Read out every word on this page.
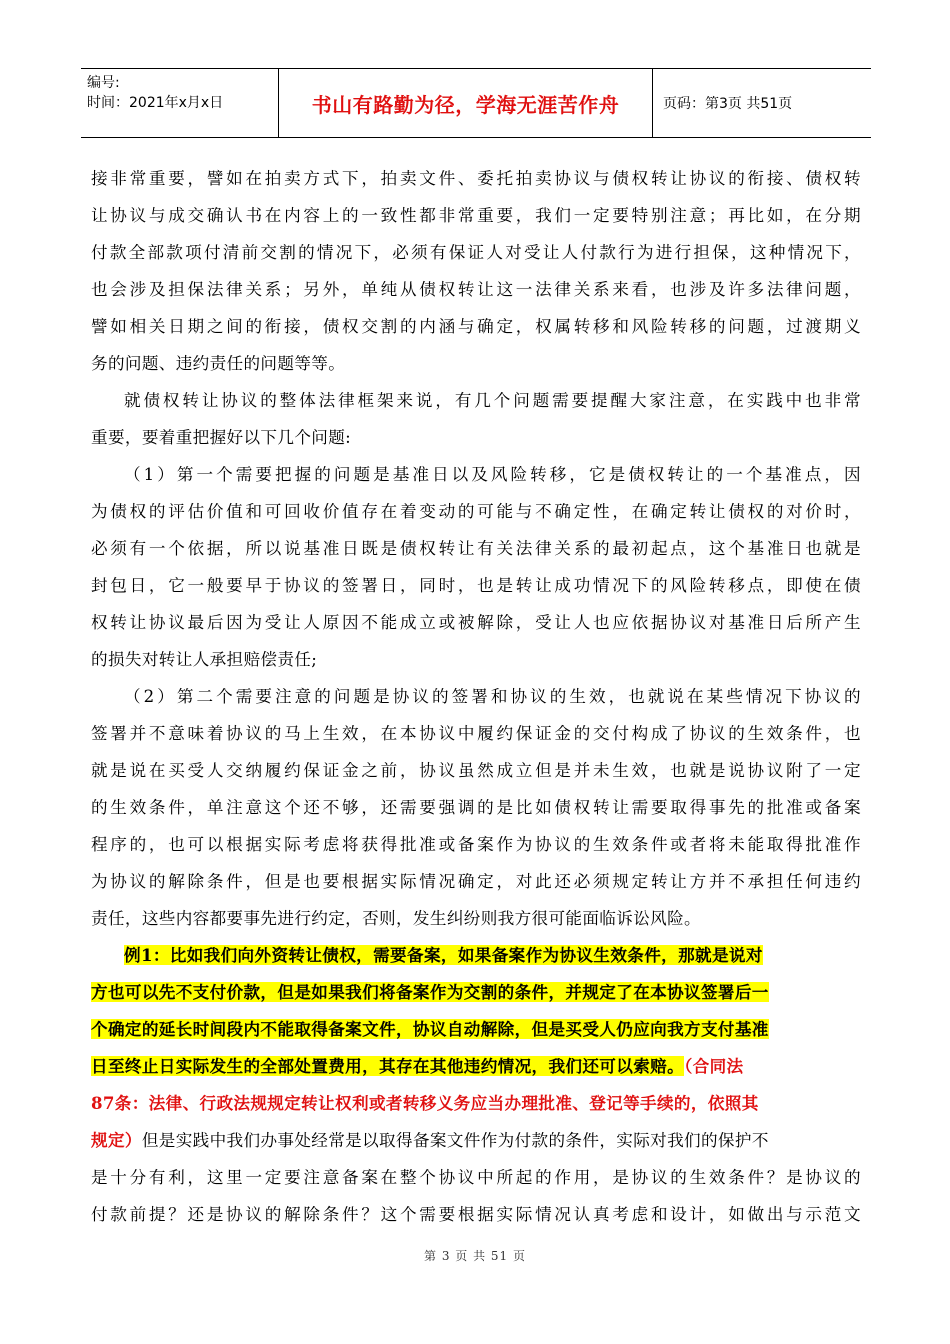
编号:
时间：2021年x月x日	书山有路勤为径，学海无涯苦作舟	页码：第3页 共51页
接非常重要，譬如在拍卖方式下，拍卖文件、委托拍卖协议与债权转让协议的衔接、债权转
让协议与成交确认书在内容上的一致性都非常重要，我们一定要特别注意；再比如，在分期
付款全部款项付清前交割的情况下，必须有保证人对受让人付款行为进行担保，这种情况下，
也会涉及担保法律关系；另外，单纯从债权转让这一法律关系来看，也涉及许多法律问题，
譬如相关日期之间的衔接，债权交割的内涵与确定，权属转移和风险转移的问题，过渡期义
务的问题、违约责任的问题等等。
就债权转让协议的整体法律框架来说，有几个问题需要提醒大家注意，在实践中也非常
重要，要着重把握好以下几个问题:
（1）第一个需要把握的问题是基准日以及风险转移，它是债权转让的一个基准点，因
为债权的评估价值和可回收价值存在着变动的可能与不确定性，在确定转让债权的对价时，
必须有一个依据，所以说基准日既是债权转让有关法律关系的最初起点，这个基准日也就是
封包日，它一般要早于协议的签署日，同时，也是转让成功情况下的风险转移点，即使在债
权转让协议最后因为受让人原因不能成立或被解除，受让人也应依据协议对基准日后所产生
的损失对转让人承担赔偿责任;
（2）第二个需要注意的问题是协议的签署和协议的生效，也就说在某些情况下协议的
签署并不意味着协议的马上生效，在本协议中履约保证金的交付构成了协议的生效条件，也
就是说在买受人交纳履约保证金之前，协议虽然成立但是并未生效，也就是说协议附了一定
的生效条件，单注意这个还不够，还需要强调的是比如债权转让需要取得事先的批准或备案
程序的，也可以根据实际考虑将获得批准或备案作为协议的生效条件或者将未能取得批准作
为协议的解除条件，但是也要根据实际情况确定，对此还必须规定转让方并不承担任何违约
责任，这些内容都要事先进行约定，否则，发生纠纷则我方很可能面临诉讼风险。
例1：比如我们向外资转让债权，需要备案，如果备案作为协议生效条件，那就是说对
方也可以先不支付价款，但是如果我们将备案作为交割的条件，并规定了在本协议签署后一
个确定的延长时间段内不能取得备案文件，协议自动解除，但是买受人仍应向我方支付基准
日至终止日实际发生的全部处置费用，其存在其他违约情况，我们还可以索赔。（合同法
87条：法律、行政法规规定转让权利或者转移义务应当办理批准、登记等手续的，依照其
规定）但是实践中我们办事处经常是以取得备案文件作为付款的条件，实际对我们的保护不
是十分有利，这里一定要注意备案在整个协议中所起的作用，是协议的生效条件？是协议的
付款前提？还是协议的解除条件？这个需要根据实际情况认真考虑和设计，如做出与示范文
第 3 页 共 51 页
